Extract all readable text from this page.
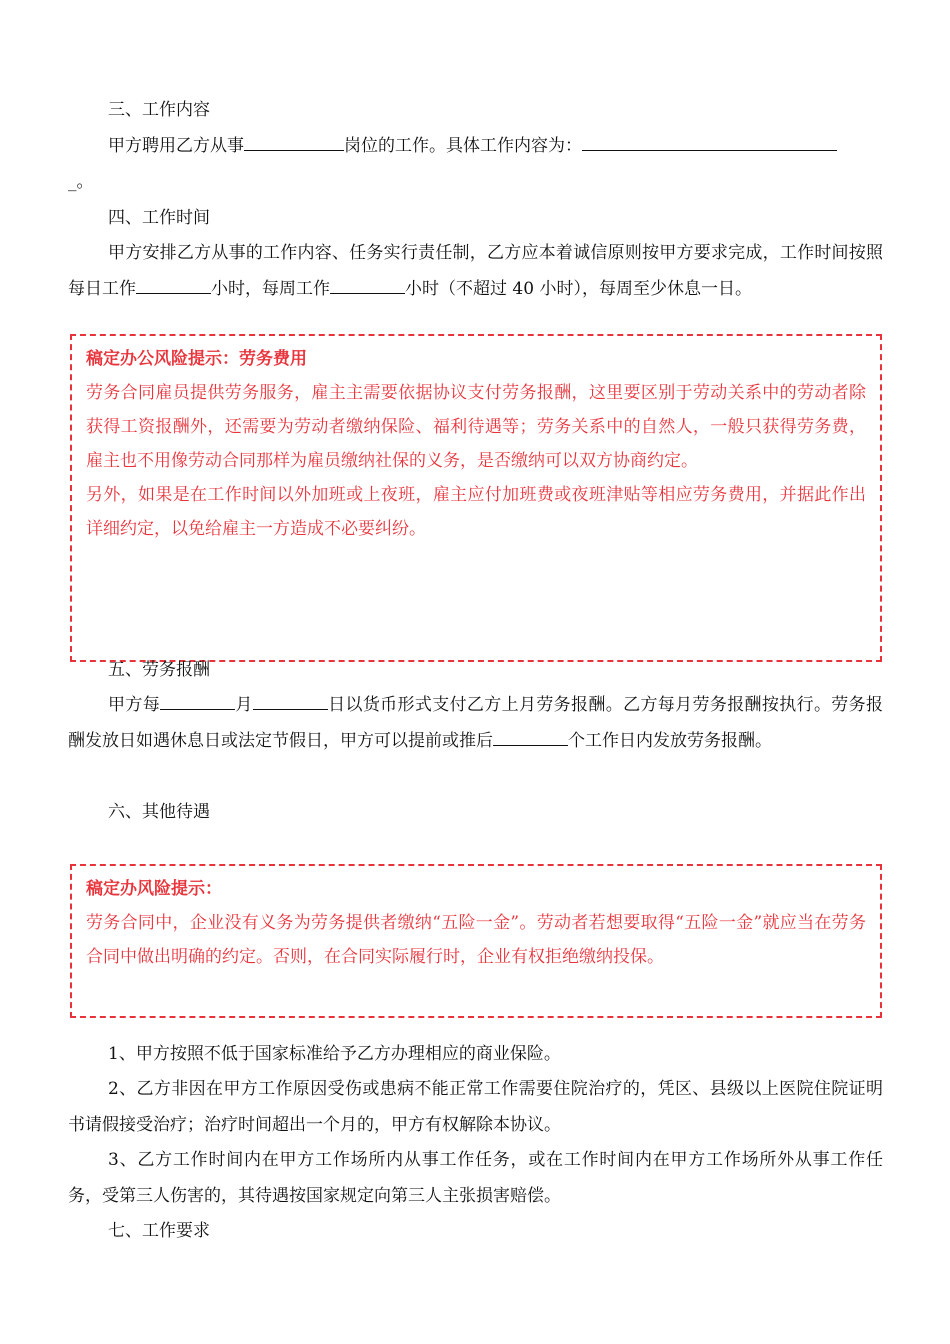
三、工作内容

甲方聘用乙方从事	岗位的工作。具体工作内容为：
_。

四、工作时间

甲方安排乙方从事的工作内容、任务实行责任制，乙方应本着诚信原则按甲方要求完成，工作时间按照每日工作	小时，每周工作	小时（不超过 40 小时），每周至少休息一日。

稿定办公风险提示：劳务费用

劳务合同雇员提供劳务服务，雇主主需要依据协议支付劳务报酬，这里要区别于劳动关系中的劳动者除获得工资报酬外，还需要为劳动者缴纳保险、福利待遇等；劳务关系中的自然人，一般只获得劳务费，雇主也不用像劳动合同那样为雇员缴纳社保的义务，是否缴纳可以双方协商约定。

另外，如果是在工作时间以外加班或上夜班，雇主应付加班费或夜班津贴等相应劳务费用，并据此作出详细约定，以免给雇主一方造成不必要纠纷。

五、劳务报酬

甲方每	月	日以货币形式支付乙方上月劳务报酬。乙方每月劳务报酬按执行。劳务报酬发放日如遇休息日或法定节假日，甲方可以提前或推后	个工作日内发放劳务报酬。

六、其他待遇

稿定办风险提示：

劳务合同中，企业没有义务为劳务提供者缴纳“五险一金”。劳动者若想要取得“五险一金”就应当在劳务合同中做出明确的约定。否则，在合同实际履行时，企业有权拒绝缴纳投保。

1、甲方按照不低于国家标准给予乙方办理相应的商业保险。

2、乙方非因在甲方工作原因受伤或患病不能正常工作需要住院治疗的，凭区、县级以上医院住院证明书请假接受治疗；治疗时间超出一个月的，甲方有权解除本协议。

3、乙方工作时间内在甲方工作场所内从事工作任务，或在工作时间内在甲方工作场所外从事工作任务，受第三人伤害的，其待遇按国家规定向第三人主张损害赔偿。

七、工作要求
